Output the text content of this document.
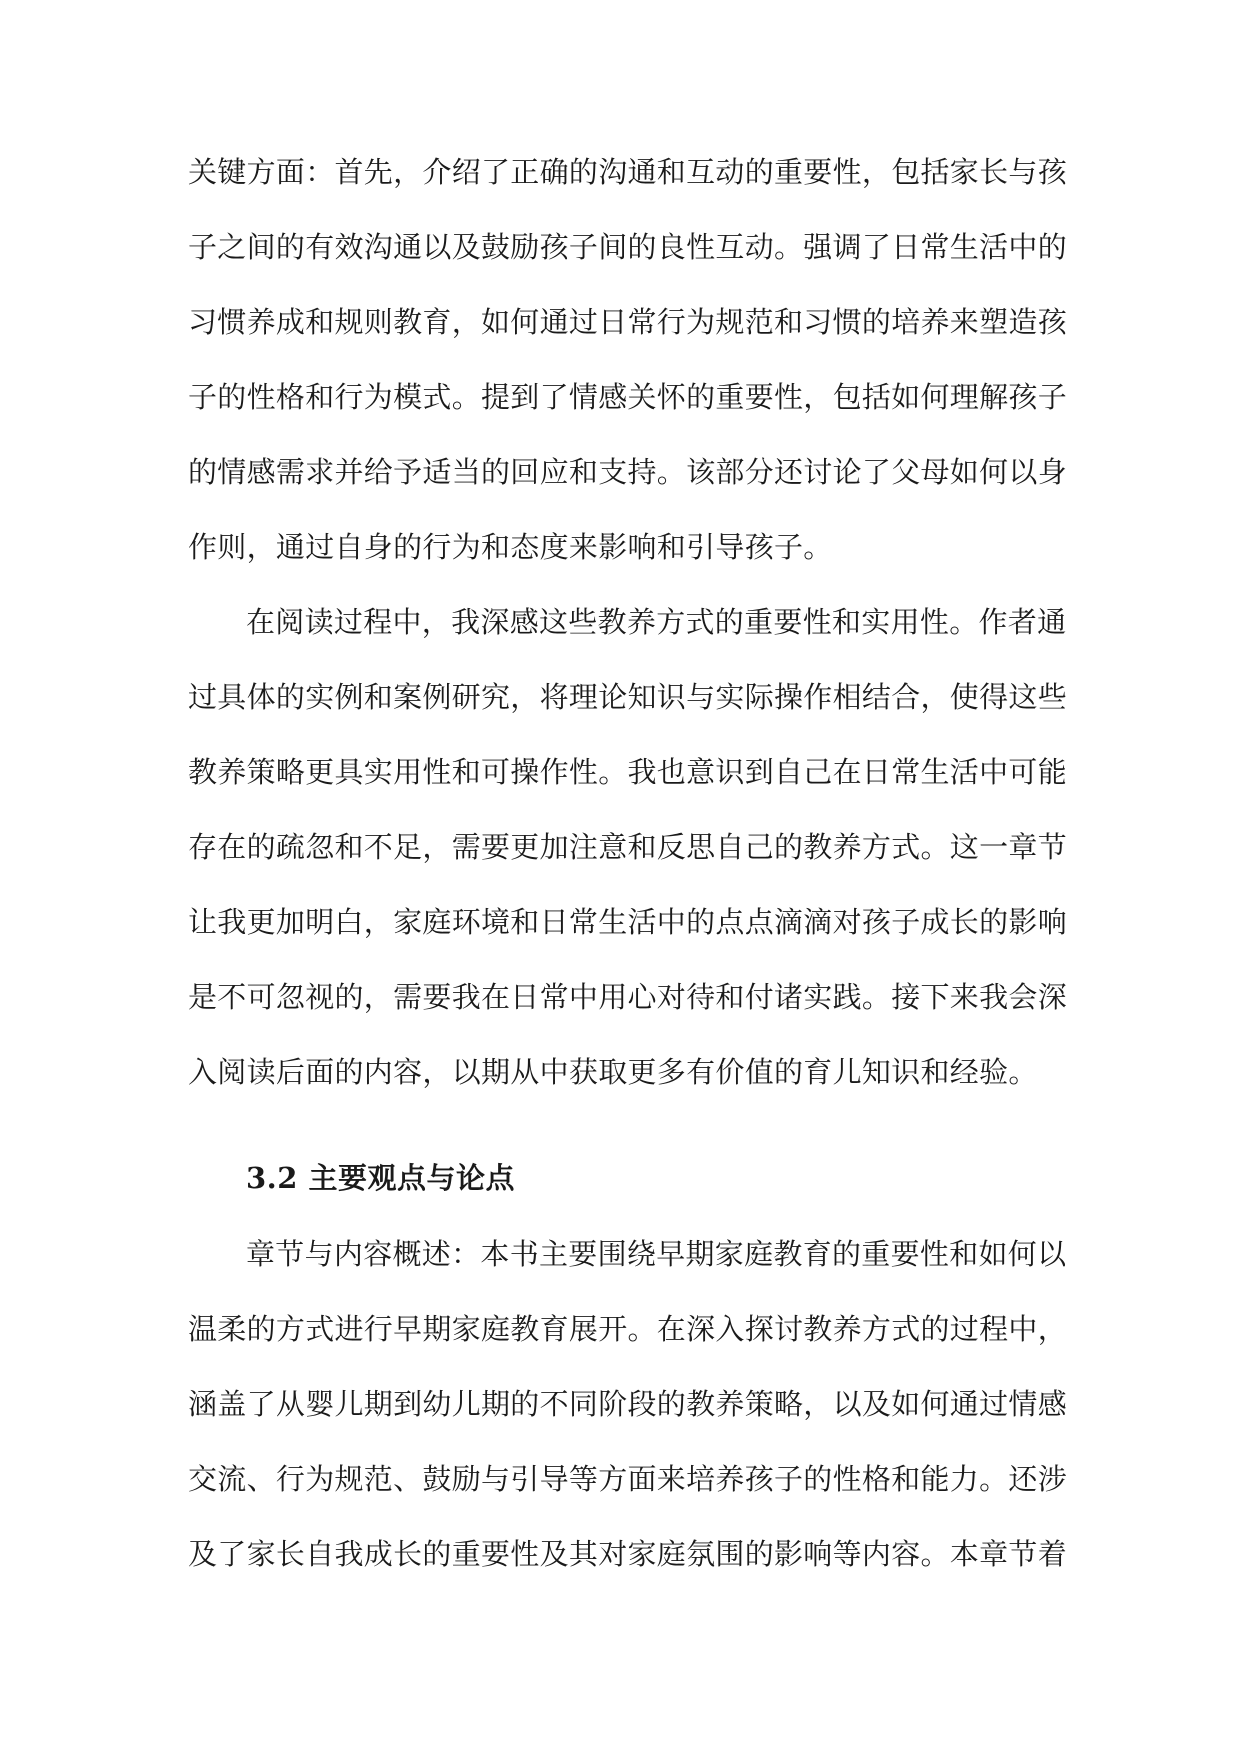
关键方面：首先，介绍了正确的沟通和互动的重要性，包括家长与孩

子之间的有效沟通以及鼓励孩子间的良性互动。强调了日常生活中的

习惯养成和规则教育，如何通过日常行为规范和习惯的培养来塑造孩

子的性格和行为模式。提到了情感关怀的重要性，包括如何理解孩子

的情感需求并给予适当的回应和支持。该部分还讨论了父母如何以身

作则，通过自身的行为和态度来影响和引导孩子。

在阅读过程中，我深感这些教养方式的重要性和实用性。作者通

过具体的实例和案例研究，将理论知识与实际操作相结合，使得这些

教养策略更具实用性和可操作性。我也意识到自己在日常生活中可能

存在的疏忽和不足，需要更加注意和反思自己的教养方式。这一章节

让我更加明白，家庭环境和日常生活中的点点滴滴对孩子成长的影响

是不可忽视的，需要我在日常中用心对待和付诸实践。接下来我会深

入阅读后面的内容，以期从中获取更多有价值的育儿知识和经验。

3.2 主要观点与论点

章节与内容概述：本书主要围绕早期家庭教育的重要性和如何以

温柔的方式进行早期家庭教育展开。在深入探讨教养方式的过程中，

涵盖了从婴儿期到幼儿期的不同阶段的教养策略，以及如何通过情感

交流、行为规范、鼓励与引导等方面来培养孩子的性格和能力。还涉

及了家长自我成长的重要性及其对家庭氛围的影响等内容。本章节着
